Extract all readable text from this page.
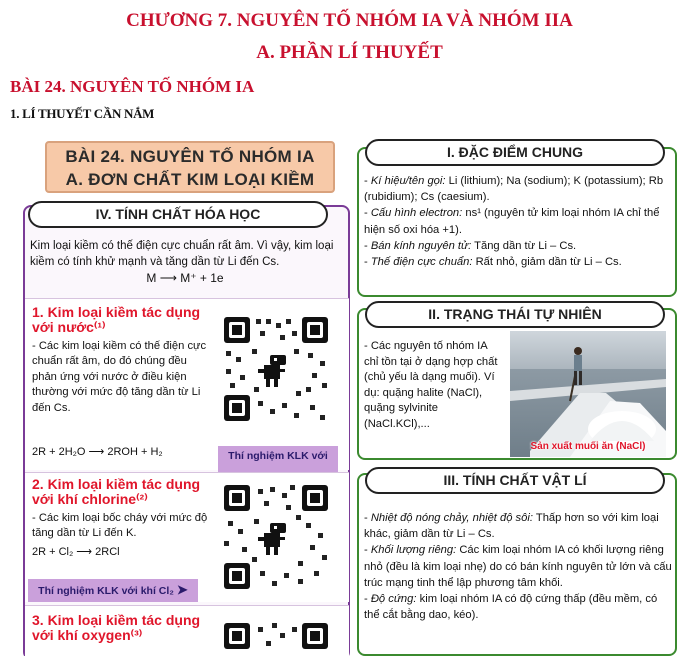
CHƯƠNG 7. NGUYÊN TỐ NHÓM IA VÀ NHÓM IIA
A. PHẦN LÍ THUYẾT
BÀI 24. NGUYÊN TỐ NHÓM IA
1. LÍ THUYẾT CẦN NẮM
BÀI 24. NGUYÊN TỐ NHÓM IA
A. ĐƠN CHẤT KIM LOẠI KIỀM
IV. TÍNH CHẤT HÓA HỌC
Kim loại kiềm có thế điện cực chuẩn rất âm. Vì vậy, kim loại kiềm có tính khử mạnh và tăng dần từ Li đến Cs.
M ⟶ M⁺ + 1e
1. Kim loại kiềm tác dụng với nước⁽¹⁾
- Các kim loại kiềm có thế điện cực chuẩn rất âm, do đó chúng đều phản ứng với nước ở điều kiện thường với mức độ tăng dần từ Li đến Cs.
2R + 2H₂O ⟶ 2ROH + H₂	Thí nghiệm KLK với
2. Kim loại kiềm tác dụng với khí chlorine⁽²⁾
- Các kim loại bốc cháy với mức độ tăng dần từ Li đến K.
2R + Cl₂ ⟶ 2RCl
Thí nghiệm KLK với khí Cl₂ ➤
3. Kim loại kiềm tác dụng với khí oxygen⁽³⁾
I. ĐẶC ĐIỂM CHUNG
- Kí hiệu/tên gọi: Li (lithium); Na (sodium); K (potassium); Rb (rubidium); Cs (caesium).
- Cấu hình electron: ns¹ (nguyên tử kim loại nhóm IA chỉ thể hiện số oxi hóa +1).
- Bán kính nguyên tử: Tăng dần từ Li – Cs.
- Thế điện cực chuẩn: Rất nhỏ, giảm dần từ Li – Cs.
II. TRẠNG THÁI TỰ NHIÊN
- Các nguyên tố nhóm IA chỉ tồn tại ở dạng hợp chất (chủ yếu là dạng muối). Ví dụ: quặng halite (NaCl), quặng sylvinite (NaCl.KCl),...
Sản xuất muối ăn (NaCl)
III. TÍNH CHẤT VẬT LÍ
- Nhiệt độ nóng chảy, nhiệt độ sôi: Thấp hơn so với kim loại khác, giảm dần từ Li – Cs.
- Khối lượng riêng: Các kim loại nhóm IA có khối lượng riêng nhỏ (đều là kim loại nhẹ) do có bán kính nguyên tử lớn và cấu trúc mạng tinh thể lập phương tâm khối.
- Độ cứng: kim loại nhóm IA có độ cứng thấp (đều mềm, có thể cắt bằng dao, kéo).
